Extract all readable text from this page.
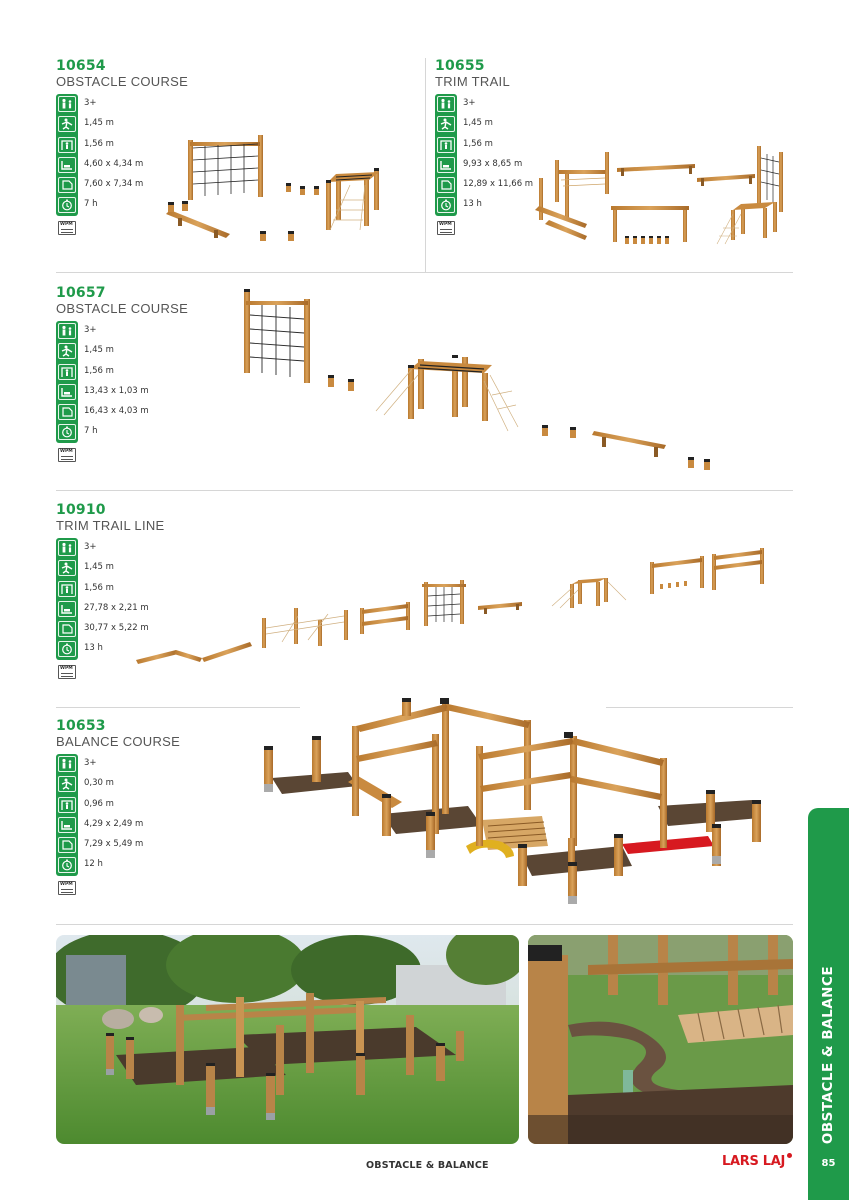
10654
OBSTACLE COURSE
3+
1,45 m
1,56 m
4,60 x 4,34 m
7,60 x 7,34 m
7 h
WPM
10655
TRIM TRAIL
3+
1,45 m
1,56 m
9,93 x 8,65 m
12,89 x 11,66 m
13 h
WPM
10657
OBSTACLE COURSE
3+
1,45 m
1,56 m
13,43 x 1,03 m
16,43 x 4,03 m
7 h
WPM
10910
TRIM TRAIL LINE
3+
1,45 m
1,56 m
27,78 x 2,21 m
30,77 x 5,22 m
13 h
WPM
10653
BALANCE COURSE
3+
0,30 m
0,96 m
4,29 x 2,49 m
7,29 x 5,49 m
12 h
WPM
OBSTACLE & BALANCE
85
OBSTACLE & BALANCE	LARS LAJ
